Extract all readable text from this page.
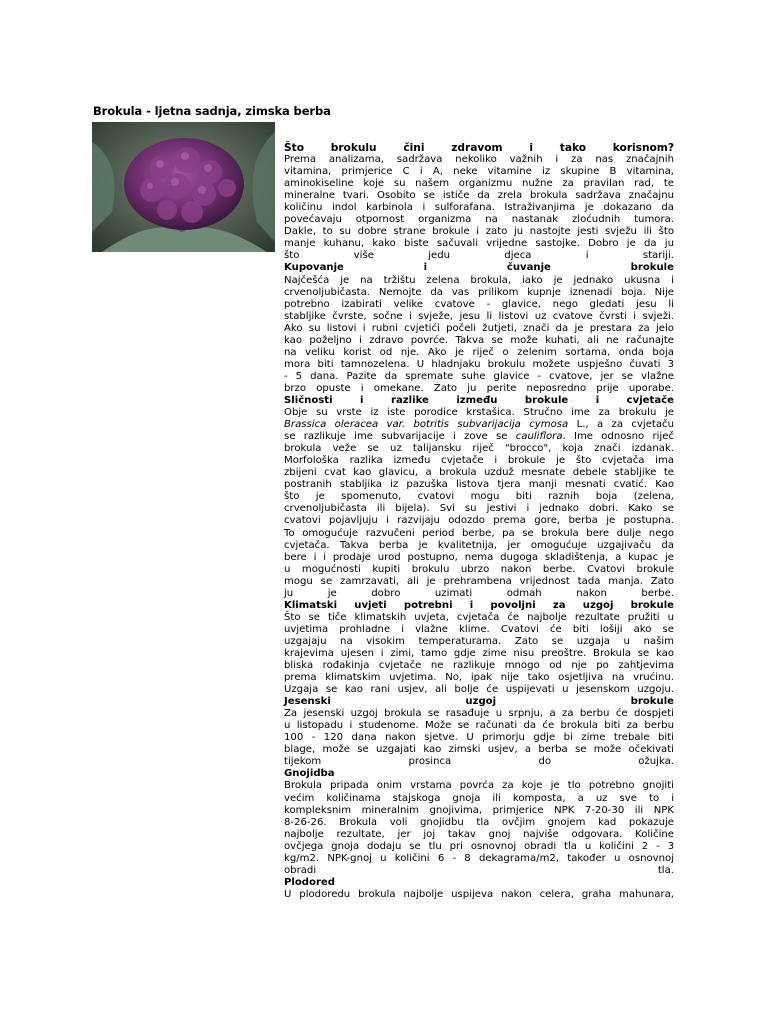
Brokula - ljetna sadnja, zimska berba
Što brokulu čini zdravom i tako korisnom?
Prema analizama, sadržava nekoliko važnih i za nas značajnih
vitamina, primjerice C i A, neke vitamine iz skupine B vitamina,
aminokiseline koje su našem organizmu nužne za pravilan rad, te
mineralne tvari. Osobito se ističe da zrela brokula sadržava značajnu
količinu indol karbinola i sulforafana. Istraživanjima je dokazano da
povećavaju otpornost organizma na nastanak zloćudnih tumora.
Dakle, to su dobre strane brokule i zato ju nastojte jesti svježu ili što
manje kuhanu, kako biste sačuvali vrijedne sastojke. Dobro je da ju
što više jedu djeca i stariji.
Kupovanje i čuvanje brokule
Najčešća je na tržištu zelena brokula, iako je jednako ukusna i
crvenoljubičasta. Nemojte da vas prilikom kupnje iznenadi boja. Nije
potrebno izabirati velike cvatove - glavice, nego gledati jesu li
stabljike čvrste, sočne i svježe, jesu li listovi uz cvatove čvrsti i svježi.
Ako su listovi i rubni cvjetići počeli žutjeti, znači da je prestara za jelo
kao poželjno i zdravo povrće. Takva se može kuhati, ali ne računajte
na veliku korist od nje. Ako je riječ o zelenim sortama, onda boja
mora biti tamnozelena. U hladnjaku brokulu možete uspješno čuvati 3
- 5 dana. Pazite da spremate suhe glavice - cvatove, jer se vlažne
brzo opuste i omekane. Zato ju perite neposredno prije uporabe.
Sličnosti i razlike između brokule i cvjetače
Obje su vrste iz iste porodice krstašica. Stručno ime za brokulu je
Brassica oleracea var. botritis subvarijacija cymosa L., a za cvjetaču
se razlikuje ime subvarijacije i zove se cauliflora. Ime odnosno riječ
brokula veže se uz talijansku riječ "brocco", koja znači izdanak.
Morfološka razlika između cvjetače i brokule je što cvjetača ima
zbijeni cvat kao glavicu, a brokula uzduž mesnate debele stabljike te
postranih stabljika iz pazuška listova tjera manji mesnati cvatić. Kao
što je spomenuto, cvatovi mogu biti raznih boja (zelena,
crvenoljubičasta ili bijela). Svi su jestivi i jednako dobri. Kako se
cvatovi pojavljuju i razvijaju odozdo prema gore, berba je postupna.
To omogućuje razvučeni period berbe, pa se brokula bere dulje nego
cvjetača. Takva berba je kvalitetnija, jer omogućuje uzgajivaču da
bere i i prodaje urod postupno, nema dugoga skladištenja, a kupac je
u mogućnosti kupiti brokulu ubrzo nakon berbe. Cvatovi brokule
mogu se zamrzavati, ali je prehrambena vrijednost tada manja. Zato
ju je dobro uzimati odmah nakon berbe.
Klimatski uvjeti potrebni i povoljni za uzgoj brokule
Što se tiče klimatskih uvjeta, cvjetača će najbolje rezultate pružiti u
uvjetima prohladne i vlažne klime. Cvatovi će biti lošiji ako se
uzgajaju na visokim temperaturama. Zato se uzgaja u našim
krajevima ujesen i zimi, tamo gdje zime nisu preoštre. Brokula se kao
bliska rođakinja cvjetače ne razlikuje mnogo od nje po zahtjevima
prema klimatskim uvjetima. No, ipak nije tako osjetljiva na vrućinu.
Uzgaja se kao rani usjev, ali bolje će uspijevati u jesenskom uzgoju.
Jesenski uzgoj brokule
Za jesenski uzgoj brokula se rasađuje u srpnju, a za berbu će dospjeti
u listopadu i studenome. Može se računati da će brokula biti za berbu
100 - 120 dana nakon sjetve. U primorju gdje bi zime trebale biti
blage, može se uzgajati kao zimski usjev, a berba se može očekivati
tijekom prosinca do ožujka.
Gnojidba
Brokula pripada onim vrstama povrća za koje je tlo potrebno gnojiti
većim količinama stajskoga gnoja ili komposta, a uz sve to i
kompleksnim mineralnim gnojivima, primjerice NPK 7-20-30 ili NPK
8-26-26. Brokula voli gnojidbu tla ovčjim gnojem kad pokazuje
najbolje rezultate, jer joj takav gnoj najviše odgovara. Količine
ovčjega gnoja dodaju se tlu pri osnovnoj obradi tla u količini 2 - 3
kg/m2. NPK-gnoj u količini 6 - 8 dekagrama/m2, također u osnovnoj
obradi tla.
Plodored
U plodoredu brokula najbolje uspijeva nakon celera, graha mahunara,
